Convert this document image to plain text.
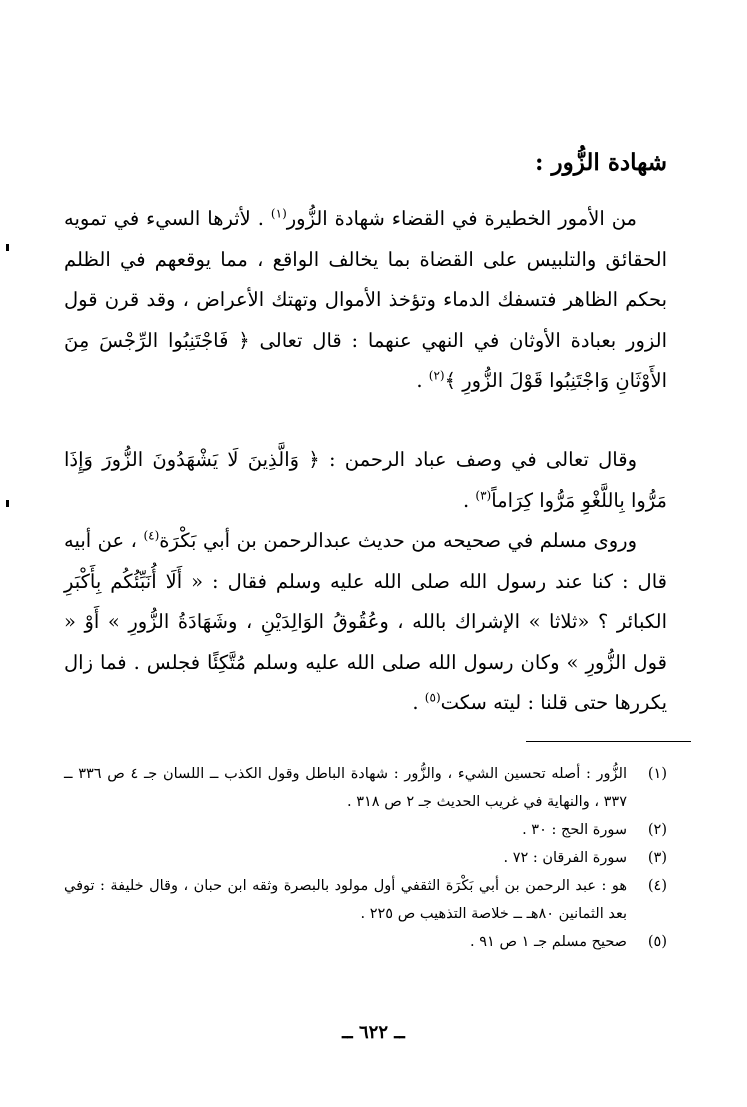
شهادة الزُّور :
من الأمور الخطيرة في القضاء شهادة الزُّور$^{(١)}$ . لأثرها السيء في تمويه الحقائق والتلبيس على القضاة بما يخالف الواقع ، مما يوقعهم في الظلم بحكم الظاهر فتسفك الدماء وتؤخذ الأموال وتهتك الأعراض ، وقد قرن قول الزور بعبادة الأوثان في النهي عنهما : قال تعالى ﴿ فَاجْتَنِبُوا الرِّجْسَ مِنَ الأَوْثَانِ وَاجْتَنِبُوا قَوْلَ الزُّورِ ﴾$^{(٢)}$ .
وقال تعالى في وصف عباد الرحمن : ﴿ وَالَّذِينَ لَا يَشْهَدُونَ الزُّورَ وَإِذَا مَرُّوا بِاللَّغْوِ مَرُّوا كِرَاماً$^{(٣)}$ .
وروى مسلم في صحيحه من حديث عبدالرحمن بن أبي بَكْرَة$^{(٤)}$ ، عن أبيه قال : كنا عند رسول الله صلى الله عليه وسلم فقال : « أَلَا أُنَبِّئُكُم بِأَكْبَرِ الكبائر ؟ «ثلاثا » الإشراك بالله ، وعُقُوقُ الوَالِدَيْنِ ، وشَهَادَةُ الزُّورِ » أَوْ « قول الزُّورِ » وكان رسول الله صلى الله عليه وسلم مُتَّكِئًا فجلس . فما زال يكررها حتى قلنا : ليته سكت$^{(٥)}$ .
(١)
الزُّور : أصله تحسين الشيء ، والزُّور : شهادة الباطل وقول الكذب ــ اللسان جـ ٤ ص ٣٣٦ ــ ٣٣٧ ، والنهاية في غريب الحديث جـ ٢ ص ٣١٨ .
(٢)
سورة الحج : ٣٠ .
(٣)
سورة الفرقان : ٧٢ .
(٤)
هو : عبد الرحمن بن أبي بَكْرَة الثقفي أول مولود بالبصرة وثقه ابن حبان ، وقال خليفة : توفي بعد الثمانين ٨٠هـ ــ خلاصة التذهيب ص ٢٢٥ .
(٥)
صحيح مسلم جـ ١ ص ٩١ .
ــ ٦٢٢ ــ
